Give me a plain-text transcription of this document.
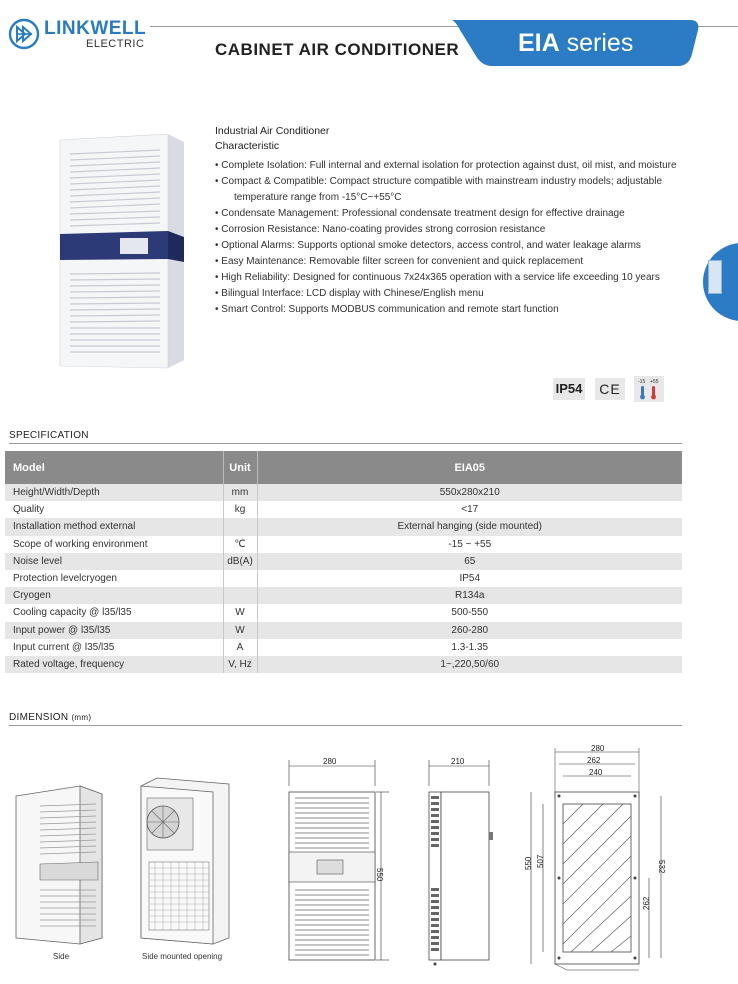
LINKWELL
ELECTRIC	CABINET AIR CONDITIONER EIA series
Industrial Air Conditioner
Characteristic
• Complete Isolation: Full internal and external isolation for protection against dust, oil mist, and moisture
• Compact & Compatible: Compact structure compatible with mainstream industry models; adjustable
temperature range from -15°C~+55°C
• Condensate Management: Professional condensate treatment design for effective drainage
• Corrosion Resistance: Nano-coating provides strong corrosion resistance
• Optional Alarms: Supports optional smoke detectors, access control, and water leakage alarms
• Easy Maintenance: Removable filter screen for convenient and quick replacement
• High Reliability: Designed for continuous 7x24x365 operation with a service life exceeding 10 years
• Bilingual Interface: LCD display with Chinese/English menu
• Smart Control: Supports MODBUS communication and remote start function
IP54	CE	-15 +55
SPECIFICATION
Model	Unit	EIA05
Height/Width/Depth	mm	550x280x210
Quality	kg	<17
Installation method external		External hanging (side mounted)
Scope of working environment	℃	-15 ~ +55
Noise level	dB(A)	65
Protection levelcryogen		IP54
Cryogen		R134a
Cooling capacity @ l35/l35	W	500-550
Input power @ l35/l35	W	260-280
Input current @ l35/l35	A	1.3-1.35
Rated voltage, frequency	V, Hz	1~,220,50/60
DIMENSION (mm)
Side	Side mounted opening
280
550
210
280
262
240
550 507	532
262
